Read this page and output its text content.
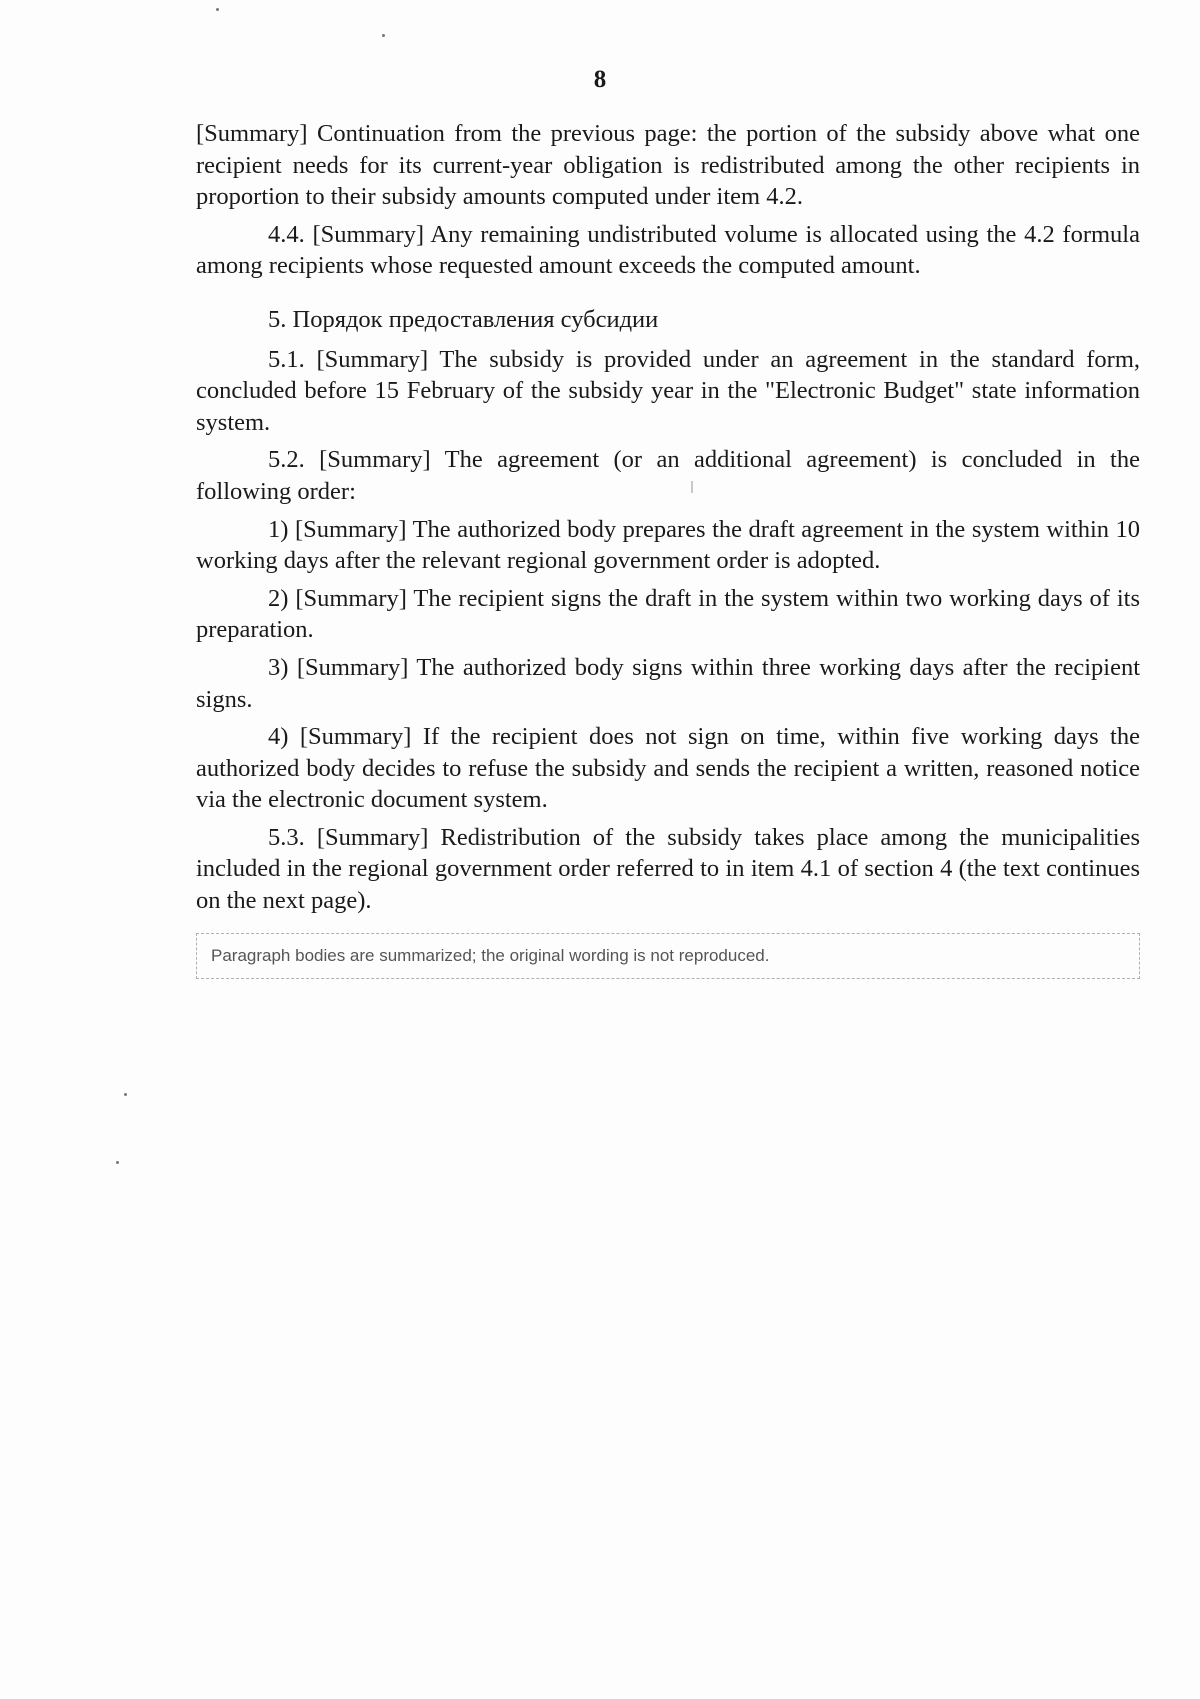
8

[Summary] Continuation from the previous page: the portion of the subsidy above what one recipient needs for its current-year obligation is redistributed among the other recipients in proportion to their subsidy amounts computed under item 4.2.

4.4. [Summary] Any remaining undistributed volume is allocated using the 4.2 formula among recipients whose requested amount exceeds the computed amount.

5. Порядок предоставления субсидии

5.1. [Summary] The subsidy is provided under an agreement in the standard form, concluded before 15 February of the subsidy year in the "Electronic Budget" state information system.

5.2. [Summary] The agreement (or an additional agreement) is concluded in the following order:

1) [Summary] The authorized body prepares the draft agreement in the system within 10 working days after the relevant regional government order is adopted.

2) [Summary] The recipient signs the draft in the system within two working days of its preparation.

3) [Summary] The authorized body signs within three working days after the recipient signs.

4) [Summary] If the recipient does not sign on time, within five working days the authorized body decides to refuse the subsidy and sends the recipient a written, reasoned notice via the electronic document system.

5.3. [Summary] Redistribution of the subsidy takes place among the municipalities included in the regional government order referred to in item 4.1 of section 4 (the text continues on the next page).

Paragraph bodies are summarized; the original wording is not reproduced.
